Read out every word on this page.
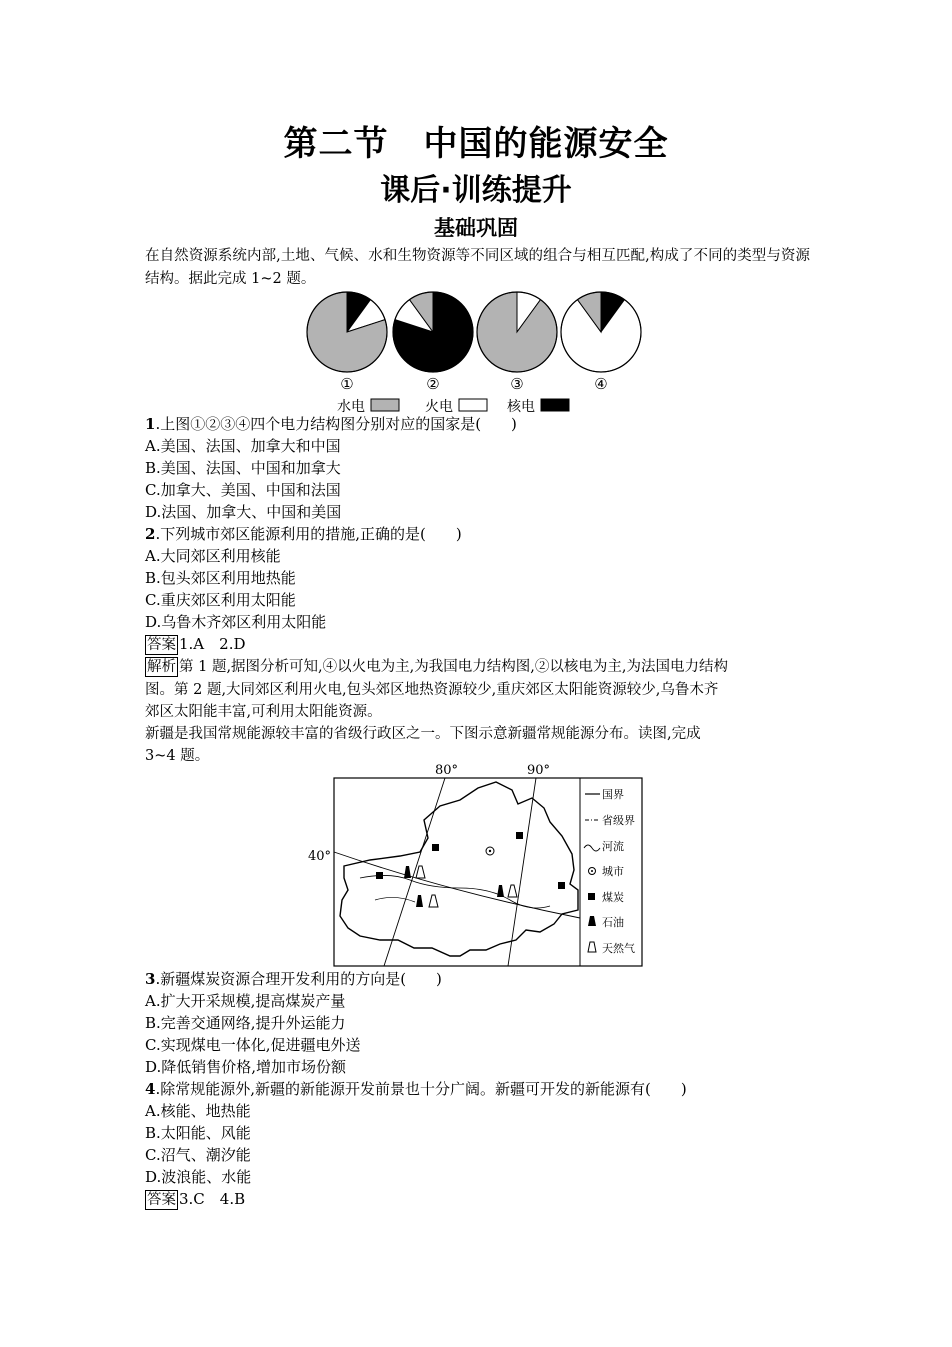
第二节　中国的能源安全
课后·训练提升
基础巩固
在自然资源系统内部,土地、气候、水和生物资源等不同区域的组合与相互匹配,构成了不同的类型与资源结构。据此完成 1~2 题。
①	②	③	④
水电	火电	核电
1.上图①②③④四个电力结构图分别对应的国家是(　　)
A.美国、法国、加拿大和中国
B.美国、法国、中国和加拿大
C.加拿大、美国、中国和法国
D.法国、加拿大、中国和美国
2.下列城市郊区能源利用的措施,正确的是(　　)
A.大同郊区利用核能
B.包头郊区利用地热能
C.重庆郊区利用太阳能
D.乌鲁木齐郊区利用太阳能
答案 1.A　2.D
解析 第 1 题,据图分析可知,④以火电为主,为我国电力结构图,②以核电为主,为法国电力结构
图。第 2 题,大同郊区利用火电,包头郊区地热资源较少,重庆郊区太阳能资源较少,乌鲁木齐
郊区太阳能丰富,可利用太阳能资源。
新疆是我国常规能源较丰富的省级行政区之一。下图示意新疆常规能源分布。读图,完成
3~4 题。
80°	90°
40°
国界
省级界
河流
城市
煤炭
石油
天然气
3.新疆煤炭资源合理开发利用的方向是(　　)
A.扩大开采规模,提高煤炭产量
B.完善交通网络,提升外运能力
C.实现煤电一体化,促进疆电外送
D.降低销售价格,增加市场份额
4.除常规能源外,新疆的新能源开发前景也十分广阔。新疆可开发的新能源有(　　)
A.核能、地热能
B.太阳能、风能
C.沼气、潮汐能
D.波浪能、水能
答案 3.C　4.B
